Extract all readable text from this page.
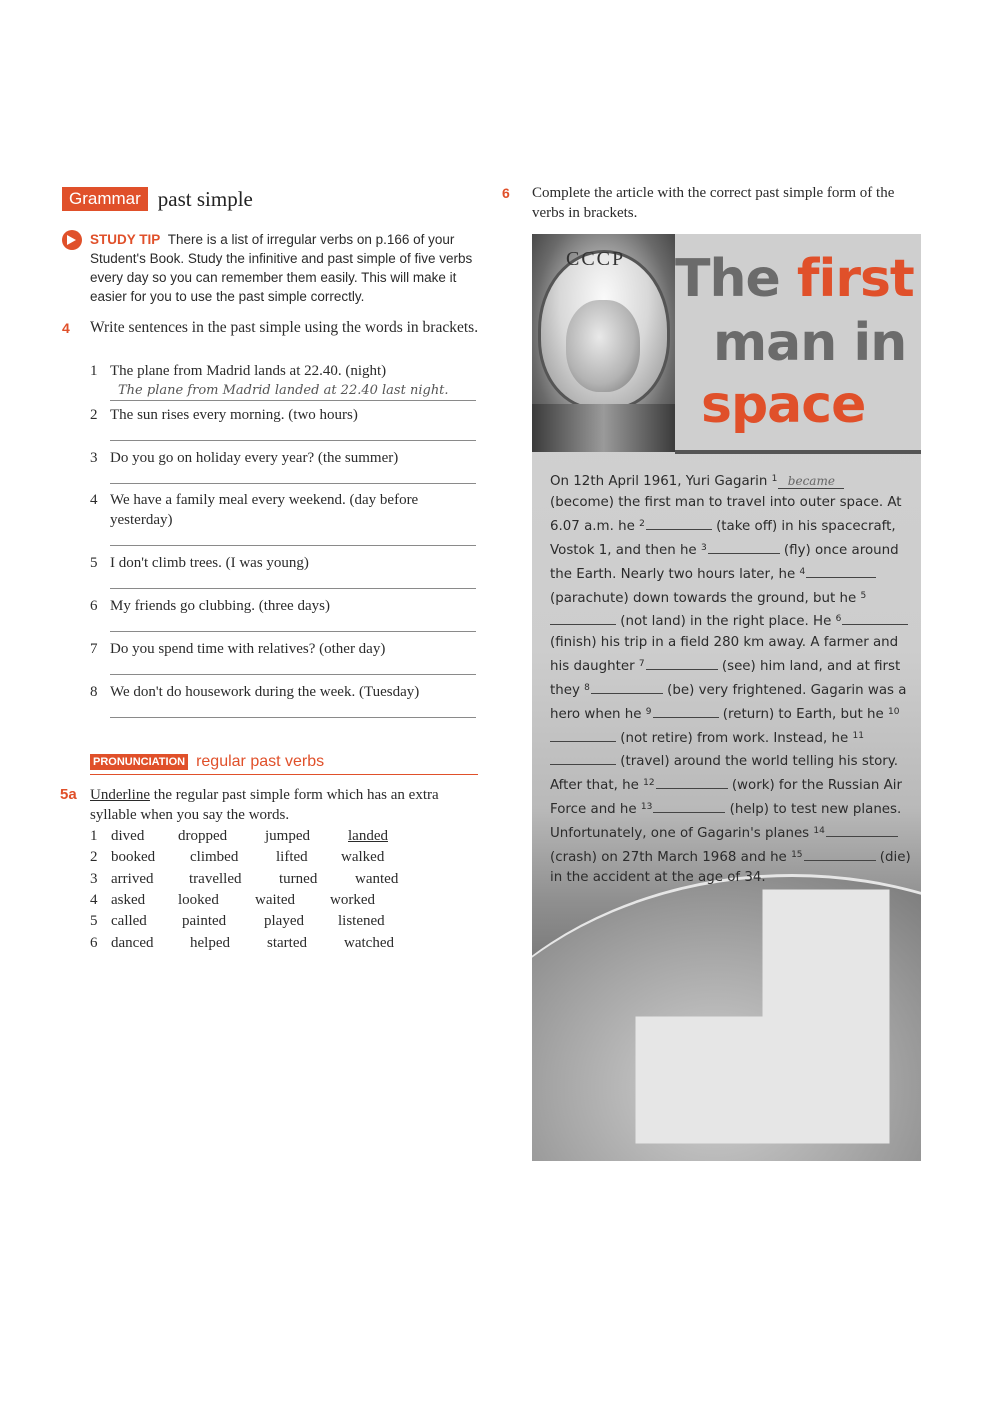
Grammar past simple
STUDY TIP There is a list of irregular verbs on p.166 of your Student's Book. Study the infinitive and past simple of five verbs every day so you can remember them easily. This will make it easier for you to use the past simple correctly.
4 Write sentences in the past simple using the words in brackets.
1 The plane from Madrid lands at 22.40. (night)
The plane from Madrid landed at 22.40 last night.
2 The sun rises every morning. (two hours)
3 Do you go on holiday every year? (the summer)
4 We have a family meal every weekend. (day before yesterday)
5 I don't climb trees. (I was young)
6 My friends go clubbing. (three days)
7 Do you spend time with relatives? (other day)
8 We don't do housework during the week. (Tuesday)
PRONUNCIATION regular past verbs
5a Underline the regular past simple form which has an extra syllable when you say the words.
1 dived dropped	jumped	landed
2 booked climbed	lifted walked
3 arrived travelled	turned	wanted
4 asked looked waited worked
5 called painted	played listened
6 danced helped started watched
6 Complete the article with the correct past simple form of the verbs in brackets.
CCCP The first
man in
space
On 12th April 1961, Yuri Gagarin $^1$ became (become) the first man to travel into outer space. At 6.07 a.m. he $^2$	(take off) in his spacecraft, Vostok 1, and then he $^3$	(fly) once around the Earth. Nearly two hours later, he $^4$ (parachute) down towards the ground, but he $^5$ (not land) in the right place. He $^6$ (finish) his trip in a field 280 km away. A farmer and his daughter $^7$	(see) him land, and at first they $^8$	(be) very frightened. Gagarin was a hero when he $^9$	(return) to Earth, but he $^{10}$ (not retire) from work. Instead, he $^{11}$ (travel) around the world telling his story. After that, he $^{12}$	(work) for the Russian Air Force and he $^{13}$	(help) to test new planes. Unfortunately, one of Gagarin's planes $^{14}$ (crash) on 27th March 1968 and he $^{15}$	(die) in the accident at the age of 34.
